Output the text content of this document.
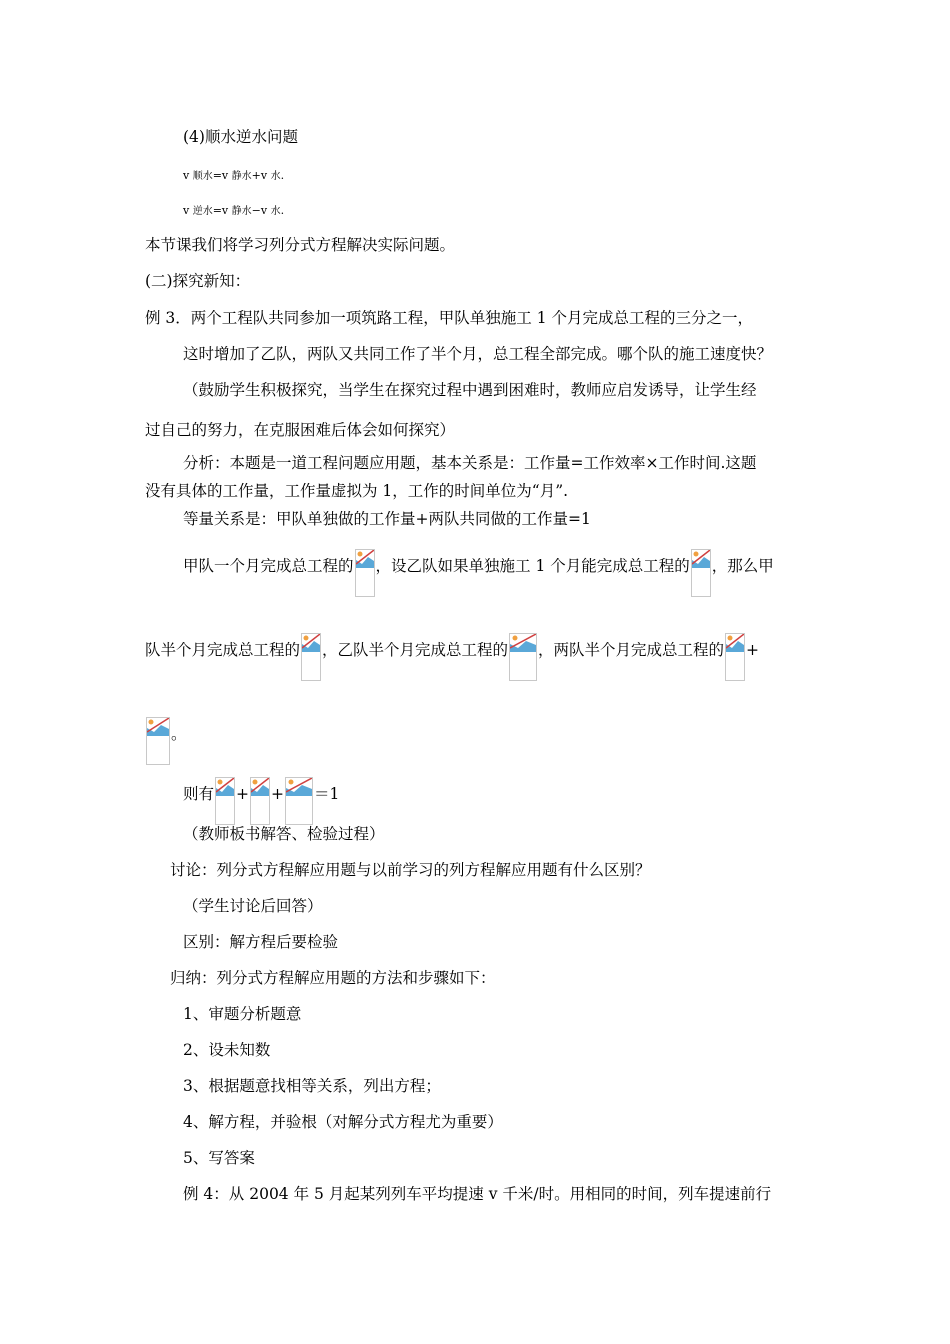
(4)顺水逆水问题
v 顺水=v 静水+v 水.
v 逆水=v 静水−v 水.
本节课我们将学习列分式方程解决实际问题。
(二)探究新知：
例 3．两个工程队共同参加一项筑路工程，甲队单独施工 1 个月完成总工程的三分之一，
这时增加了乙队，两队又共同工作了半个月，总工程全部完成。哪个队的施工速度快？
（鼓励学生积极探究，当学生在探究过程中遇到困难时，教师应启发诱导，让学生经
过自己的努力，在克服困难后体会如何探究）
分析：本题是一道工程问题应用题，基本关系是：工作量=工作效率×工作时间.这题
没有具体的工作量，工作量虚拟为 1，工作的时间单位为“月”.
等量关系是：甲队单独做的工作量+两队共同做的工作量=1
甲队一个月完成总工程的 ，设乙队如果单独施工 1 个月能完成总工程的 ，那么甲
队半个月完成总工程的 ，乙队半个月完成总工程的 ，两队半个月完成总工程的 +
。
则有 + + ＝1
（教师板书解答、检验过程）
讨论：列分式方程解应用题与以前学习的列方程解应用题有什么区别？
（学生讨论后回答）
区别：解方程后要检验
归纳：列分式方程解应用题的方法和步骤如下：
1、审题分析题意
2、设未知数
3、根据题意找相等关系，列出方程；
4、解方程，并验根（对解分式方程尤为重要）
5、写答案
例 4：从 2004 年 5 月起某列列车平均提速 v 千米/时。用相同的时间，列车提速前行
